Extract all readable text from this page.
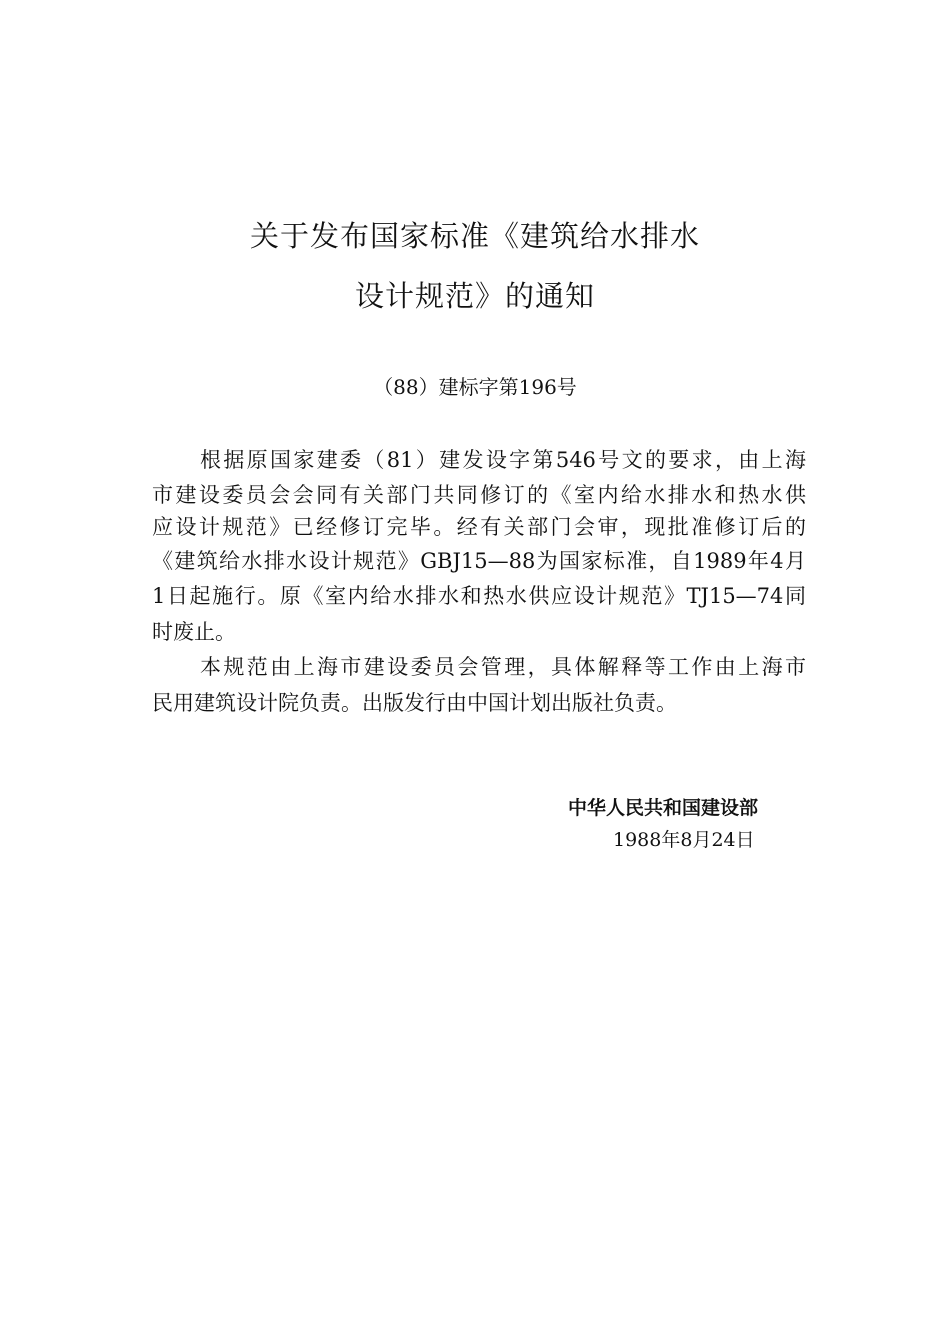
关于发布国家标准《建筑给水排水
设计规范》的通知
（88）建标字第196号
根据原国家建委（81）建发设字第546号文的要求，由上海
市建设委员会会同有关部门共同修订的《室内给水排水和热水供
应设计规范》已经修订完毕。经有关部门会审，现批准修订后的
《建筑给水排水设计规范》GBJ15—88为国家标准，自1989年4月
1日起施行。原《室内给水排水和热水供应设计规范》TJ15—74同
时废止。
本规范由上海市建设委员会管理，具体解释等工作由上海市
民用建筑设计院负责。出版发行由中国计划出版社负责。
中华人民共和国建设部
1988年8月24日
